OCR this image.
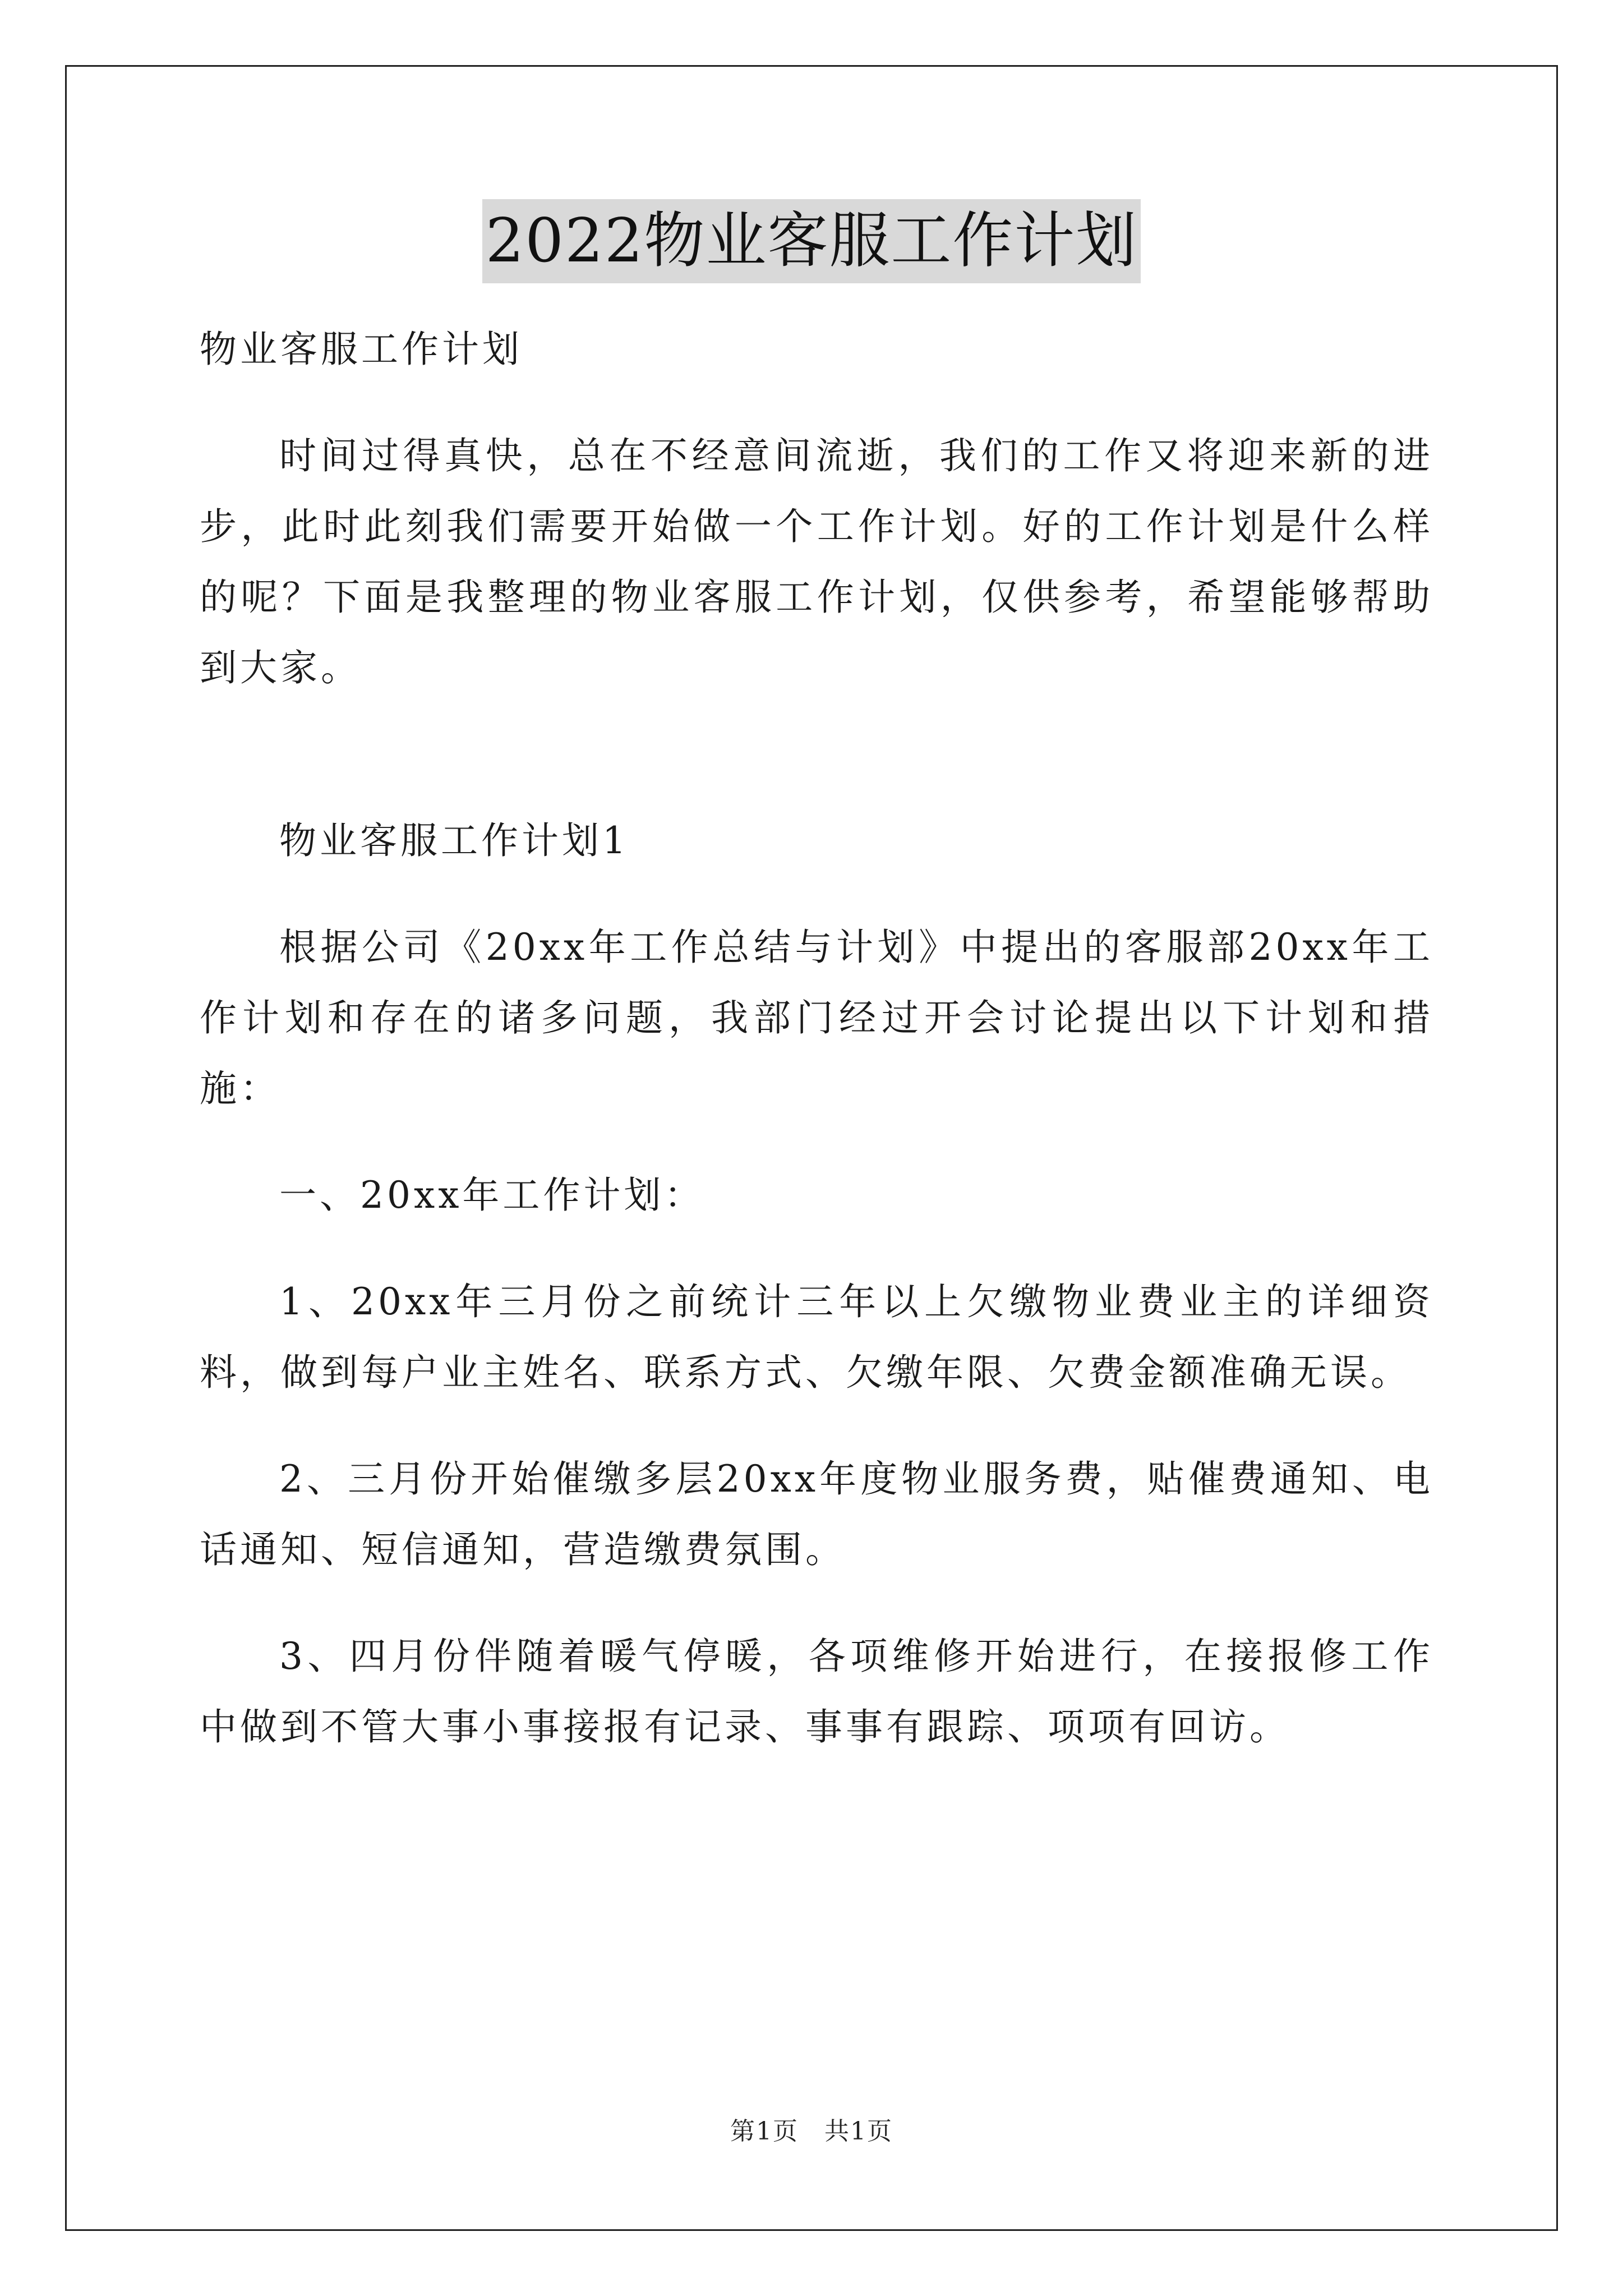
2022物业客服工作计划

物业客服工作计划

时间过得真快，总在不经意间流逝，我们的工作又将迎来新的进步，此时此刻我们需要开始做一个工作计划。好的工作计划是什么样的呢？下面是我整理的物业客服工作计划，仅供参考，希望能够帮助到大家。

物业客服工作计划1

根据公司《20xx年工作总结与计划》中提出的客服部20xx年工作计划和存在的诸多问题，我部门经过开会讨论提出以下计划和措施：

一、20xx年工作计划：

1、20xx年三月份之前统计三年以上欠缴物业费业主的详细资料，做到每户业主姓名、联系方式、欠缴年限、欠费金额准确无误。

2、三月份开始催缴多层20xx年度物业服务费，贴催费通知、电话通知、短信通知，营造缴费氛围。

3、四月份伴随着暖气停暖，各项维修开始进行，在接报修工作中做到不管大事小事接报有记录、事事有跟踪、项项有回访。

第1页　共1页
